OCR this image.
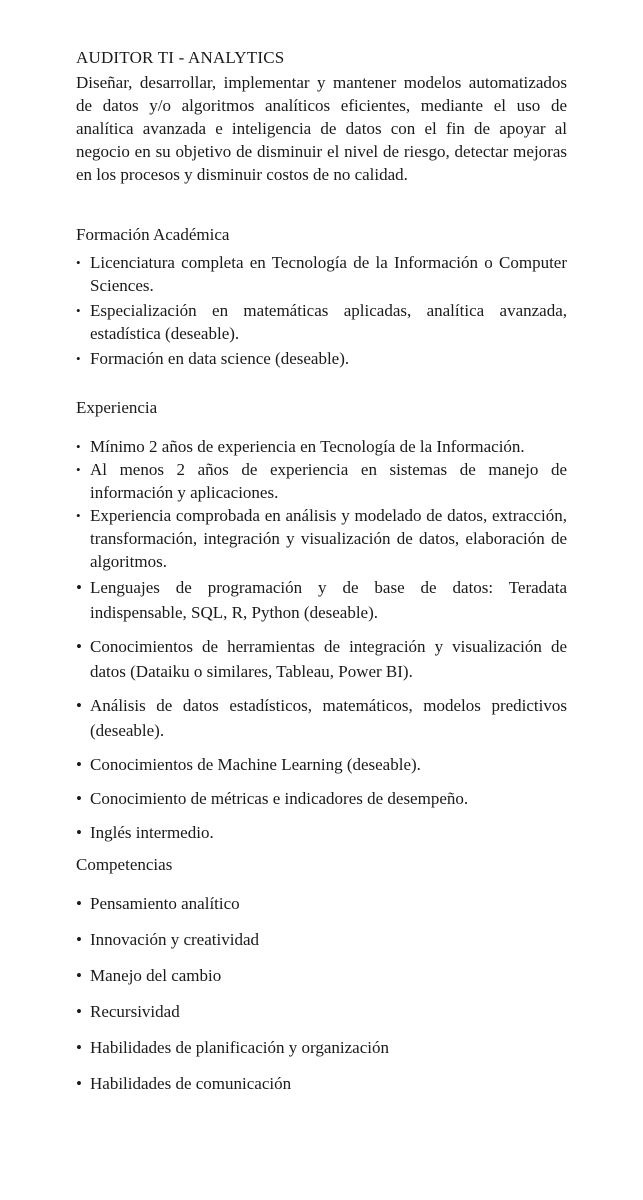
AUDITOR TI - ANALYTICS

Diseñar, desarrollar, implementar y mantener modelos automatizados de datos y/o algoritmos analíticos eficientes, mediante el uso de analítica avanzada e inteligencia de datos con el fin de apoyar al negocio en su objetivo de disminuir el nivel de riesgo, detectar mejoras en los procesos y disminuir costos de no calidad.

Formación Académica
• Licenciatura completa en Tecnología de la Información o Computer Sciences.
• Especialización en matemáticas aplicadas, analítica avanzada, estadística (deseable).
• Formación en data science (deseable).
Experiencia
• Mínimo 2 años de experiencia en Tecnología de la Información.
• Al menos 2 años de experiencia en sistemas de manejo de información y aplicaciones.
• Experiencia comprobada en análisis y modelado de datos, extracción, transformación, integración y visualización de datos, elaboración de algoritmos.
• Lenguajes de programación y de base de datos: Teradata indispensable, SQL, R, Python (deseable).
• Conocimientos de herramientas de integración y visualización de datos (Dataiku o similares, Tableau, Power BI).
• Análisis de datos estadísticos, matemáticos, modelos predictivos (deseable).
• Conocimientos de Machine Learning (deseable).
• Conocimiento de métricas e indicadores de desempeño.
• Inglés intermedio.
Competencias
• Pensamiento analítico
• Innovación y creatividad
• Manejo del cambio
• Recursividad
• Habilidades de planificación y organización
• Habilidades de comunicación
